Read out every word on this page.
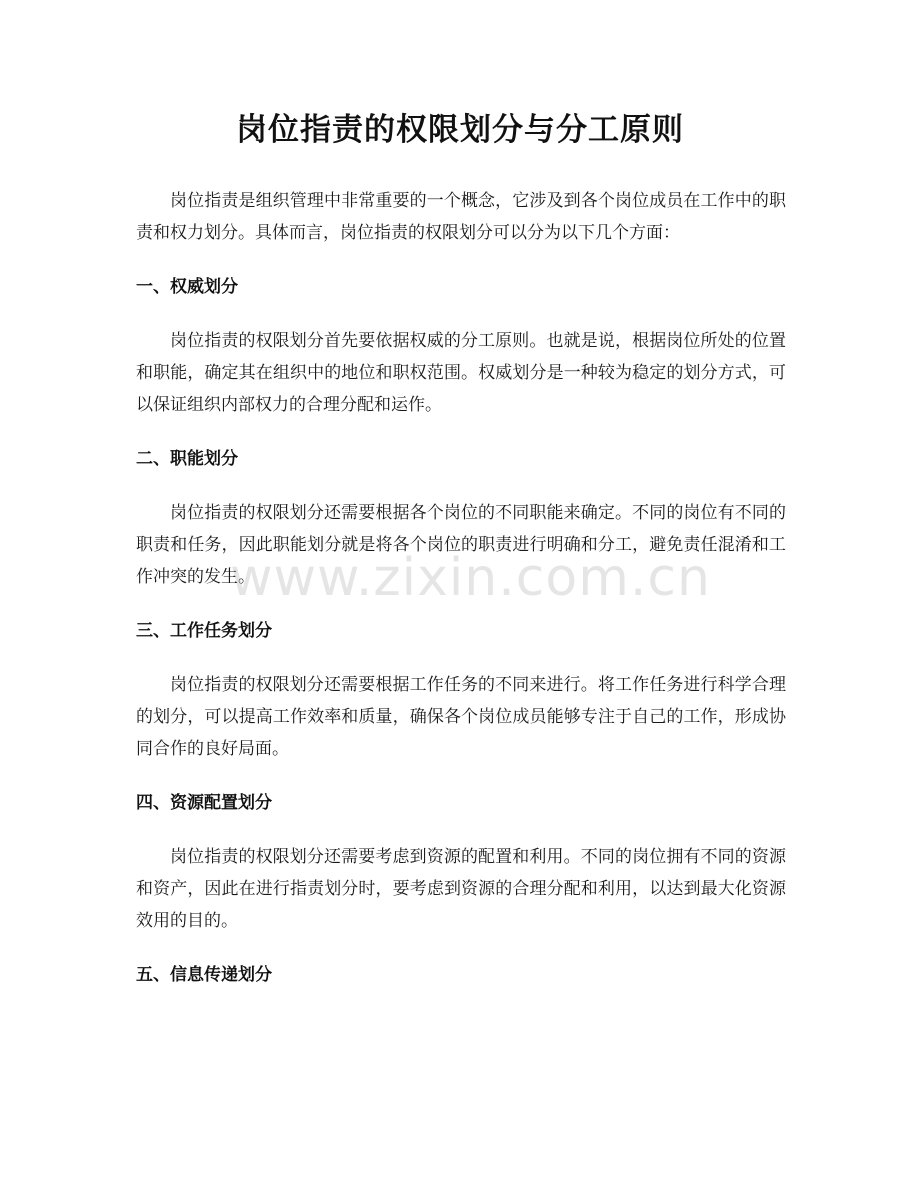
岗位指责的权限划分与分工原则

岗位指责是组织管理中非常重要的一个概念，它涉及到各个岗位成员在工作中的职责和权力划分。具体而言，岗位指责的权限划分可以分为以下几个方面：

一、权威划分

岗位指责的权限划分首先要依据权威的分工原则。也就是说，根据岗位所处的位置和职能，确定其在组织中的地位和职权范围。权威划分是一种较为稳定的划分方式，可以保证组织内部权力的合理分配和运作。

二、职能划分

岗位指责的权限划分还需要根据各个岗位的不同职能来确定。不同的岗位有不同的职责和任务，因此职能划分就是将各个岗位的职责进行明确和分工，避免责任混淆和工作冲突的发生。

三、工作任务划分

岗位指责的权限划分还需要根据工作任务的不同来进行。将工作任务进行科学合理的划分，可以提高工作效率和质量，确保各个岗位成员能够专注于自己的工作，形成协同合作的良好局面。

四、资源配置划分

岗位指责的权限划分还需要考虑到资源的配置和利用。不同的岗位拥有不同的资源和资产，因此在进行指责划分时，要考虑到资源的合理分配和利用，以达到最大化资源效用的目的。

五、信息传递划分
www.zixin.com.cn
